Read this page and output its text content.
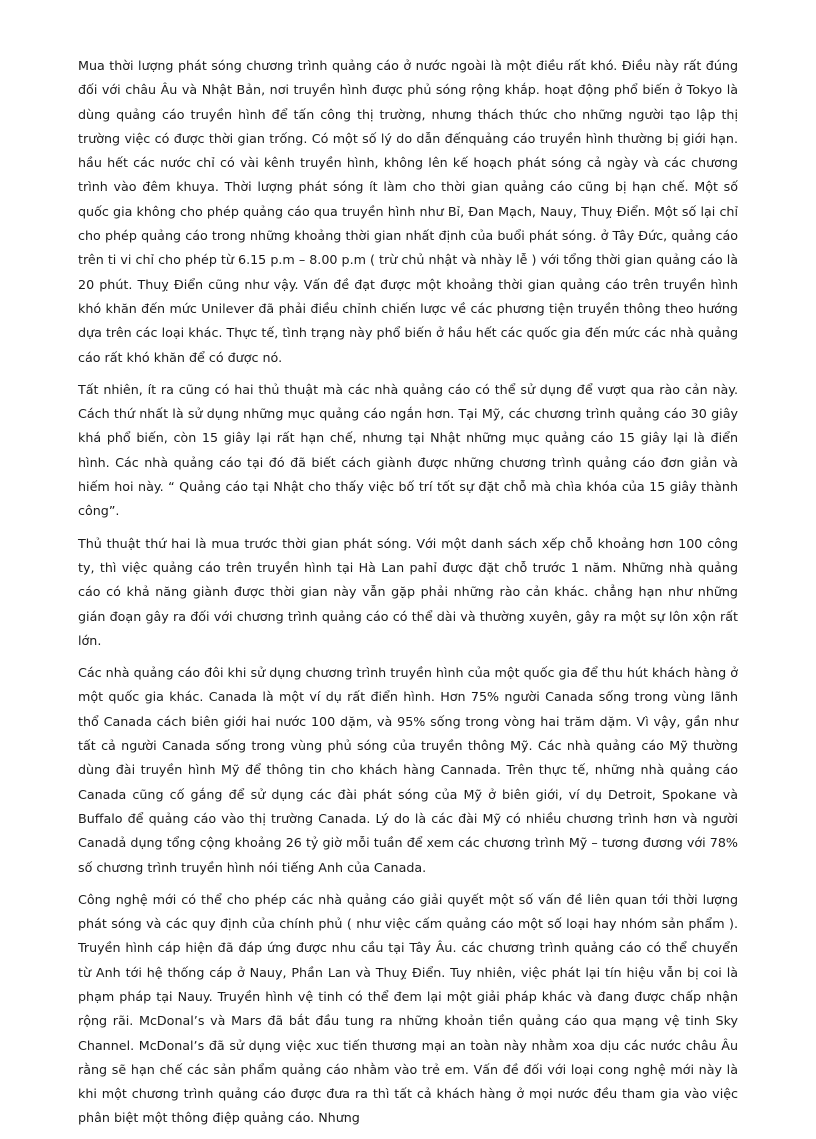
Mua thời lượng phát sóng chương trình quảng cáo ở nước ngoài là một điều rất khó. Điều này rất đúng đối với châu Âu và Nhật Bản, nơi truyền hình được phủ sóng rộng khắp. hoạt động phổ biến ở Tokyo là dùng quảng cáo truyền hình để tấn công thị trường, nhưng thách thức cho những người tạo lập thị trường việc có được thời gian trống. Có một số lý do dẫn đếnquảng cáo truyền hình thường bị giới hạn. hầu hết các nước chỉ có vài kênh truyền hình, không lên kế hoạch phát sóng cả ngày và các chương trình vào đêm khuya. Thời lượng phát sóng ít làm cho thời gian quảng cáo cũng bị hạn chế. Một số quốc gia không cho phép quảng cáo qua truyền hình như Bỉ, Đan Mạch, Nauy, Thuỵ Điển. Một số lại chỉ cho phép quảng cáo trong những khoảng thời gian nhất định của buổi phát sóng. ở Tây Đức, quảng cáo trên ti vi chỉ cho phép từ 6.15 p.m – 8.00 p.m ( trừ chủ nhật và nhày lễ ) với tổng thời gian quảng cáo là 20 phút. Thuỵ Điển cũng như vậy. Vấn đề đạt được một khoảng thời gian quảng cáo trên truyền hình khó khăn đến mức Unilever đã phải điều chỉnh chiến lược về các phương tiện truyền thông theo hướng dựa trên các loại khác. Thực tế, tình trạng này phổ biến ở hầu hết các quốc gia đến mức các nhà quảng cáo rất khó khăn để có được nó.

Tất nhiên, ít ra cũng có hai thủ thuật mà các nhà quảng cáo có thể sử dụng để vượt qua rào cản này. Cách thứ nhất là sử dụng những mục quảng cáo ngắn hơn. Tại Mỹ, các chương trình quảng cáo 30 giây khá phổ biến, còn 15 giây lại rất hạn chế, nhưng tại Nhật những mục quảng cáo 15 giây lại là điển hình. Các nhà quảng cáo tại đó đã biết cách giành được những chương trình quảng cáo đơn giản và hiếm hoi này. “ Quảng cáo tại Nhật cho thấy việc bố trí tốt sự đặt chỗ mà chìa khóa của 15 giây thành công”.

Thủ thuật thứ hai là mua trước thời gian phát sóng. Với một danh sách xếp chỗ khoảng hơn 100 công ty, thì việc quảng cáo trên truyền hình tại Hà Lan pahỉ được đặt chỗ trước 1 năm. Những nhà quảng cáo có khả năng giành được thời gian này vẫn gặp phải những rào cản khác. chẳng hạn như những gián đoạn gây ra đối với chương trình quảng cáo có thể dài và thường xuyên, gây ra một sự lôn xộn rất lớn.

Các nhà quảng cáo đôi khi sử dụng chương trình truyền hình của một quốc gia để thu hút khách hàng ở một quốc gia khác. Canada là một ví dụ rất điển hình. Hơn 75% người Canada sống trong vùng lãnh thổ Canada cách biên giới hai nước 100 dặm, và 95% sống trong vòng hai trăm dặm. Vì vậy, gần như tất cả người Canada sống trong vùng phủ sóng của truyền thông Mỹ. Các nhà quảng cáo Mỹ thường dùng đài truyền hình Mỹ để thông tin cho khách hàng Cannada. Trên thực tế, những nhà quảng cáo Canada cũng cố gắng để sử dụng các đài phát sóng của Mỹ ở biên giới, ví dụ Detroit, Spokane và Buffalo để quảng cáo vào thị trường Canada. Lý do là các đài Mỹ có nhiều chương trình hơn và người Canadả dụng tổng cộng khoảng 26 tỷ giờ mỗi tuần để xem các chương trình Mỹ – tương đương với 78% số chương trình truyền hình nói tiếng Anh của Canada.

Công nghệ mới có thể cho phép các nhà quảng cáo giải quyết một số vấn đề liên quan tới thời lượng phát sóng và các quy định của chính phủ ( như việc cấm quảng cáo một số loại hay nhóm sản phẩm ). Truyền hình cáp hiện đã đáp ứng được nhu cầu tại Tây Âu. các chương trình quảng cáo có thể chuyển từ Anh tới hệ thống cáp ở Nauy, Phần Lan và Thuỵ Điển. Tuy nhiên, việc phát lại tín hiệu vẫn bị coi là phạm pháp tại Nauy. Truyền hình vệ tinh có thể đem lại một giải pháp khác và đang được chấp nhận rộng rãi. McDonal’s và Mars đã bắt đầu tung ra những khoản tiền quảng cáo qua mạng vệ tinh Sky Channel. McDonal’s đã sử dụng việc xuc tiến thương mại an toàn này nhằm xoa dịu các nước châu Âu rằng sẽ hạn chế các sản phẩm quảng cáo nhằm vào trẻ em. Vấn đề đối với loại cong nghệ mới này là khi một chương trình quảng cáo được đưa ra thì tất cả khách hàng ở mọi nước đều tham gia vào việc phân biệt một thông điệp quảng cáo. Nhưng
